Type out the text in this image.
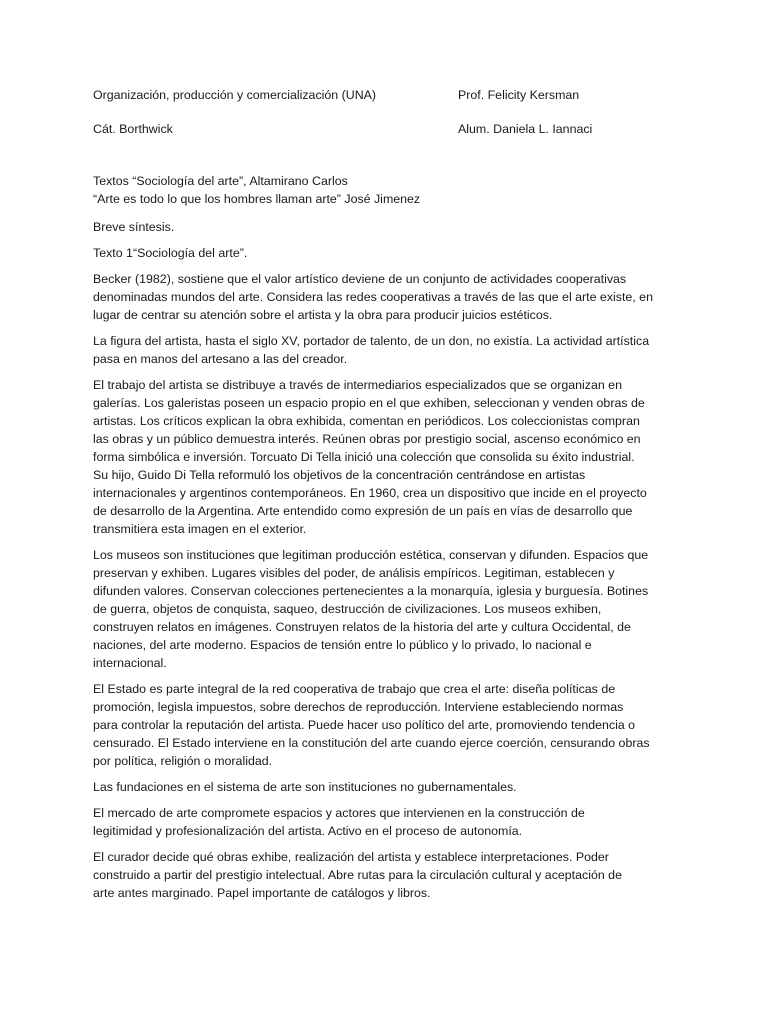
Organización, producción y comercialización (UNA)	Prof. Felicity Kersman
Cát. Borthwick	Alum. Daniela L. Iannaci
Textos “Sociología del arte”, Altamirano Carlos
“Arte es todo lo que los hombres llaman arte” José Jimenez
Breve síntesis.
Texto 1“Sociología del arte”.
Becker (1982), sostiene que el valor artístico deviene de un conjunto de actividades cooperativas
denominadas mundos del arte. Considera las redes cooperativas a través de las que el arte existe, en
lugar de centrar su atención sobre el artista y la obra para producir juicios estéticos.
La figura del artista, hasta el siglo XV, portador de talento, de un don, no existía. La actividad artística
pasa en manos del artesano a las del creador.
El trabajo del artista se distribuye a través de intermediarios especializados que se organizan en
galerías. Los galeristas poseen un espacio propio en el que exhiben, seleccionan y venden obras de
artistas. Los críticos explican la obra exhibida, comentan en periódicos. Los coleccionistas compran
las obras y un público demuestra interés. Reúnen obras por prestigio social, ascenso económico en
forma simbólica e inversión. Torcuato Di Tella inició una colección que consolida su éxito industrial.
Su hijo, Guido Di Tella reformuló los objetivos de la concentración centrándose en artistas
internacionales y argentinos contemporáneos. En 1960, crea un dispositivo que incide en el proyecto
de desarrollo de la Argentina. Arte entendido como expresión de un país en vías de desarrollo que
transmitiera esta imagen en el exterior.
Los museos son instituciones que legitiman producción estética, conservan y difunden. Espacios que
preservan y exhiben. Lugares visibles del poder, de análisis empíricos. Legitiman, establecen y
difunden valores. Conservan colecciones pertenecientes a la monarquía, iglesia y burguesía. Botines
de guerra, objetos de conquista, saqueo, destrucción de civilizaciones. Los museos exhiben,
construyen relatos en imágenes. Construyen relatos de la historia del arte y cultura Occidental, de
naciones, del arte moderno. Espacios de tensión entre lo público y lo privado, lo nacional e
internacional.
El Estado es parte integral de la red cooperativa de trabajo que crea el arte: diseña políticas de
promoción, legisla impuestos, sobre derechos de reproducción. Interviene estableciendo normas
para controlar la reputación del artista. Puede hacer uso político del arte, promoviendo tendencia o
censurado. El Estado interviene en la constitución del arte cuando ejerce coerción, censurando obras
por política, religión o moralidad.
Las fundaciones en el sistema de arte son instituciones no gubernamentales.
El mercado de arte compromete espacios y actores que intervienen en la construcción de
legitimidad y profesionalización del artista. Activo en el proceso de autonomía.
El curador decide qué obras exhibe, realización del artista y establece interpretaciones. Poder
construido a partir del prestigio intelectual. Abre rutas para la circulación cultural y aceptación de
arte antes marginado. Papel importante de catálogos y libros.
